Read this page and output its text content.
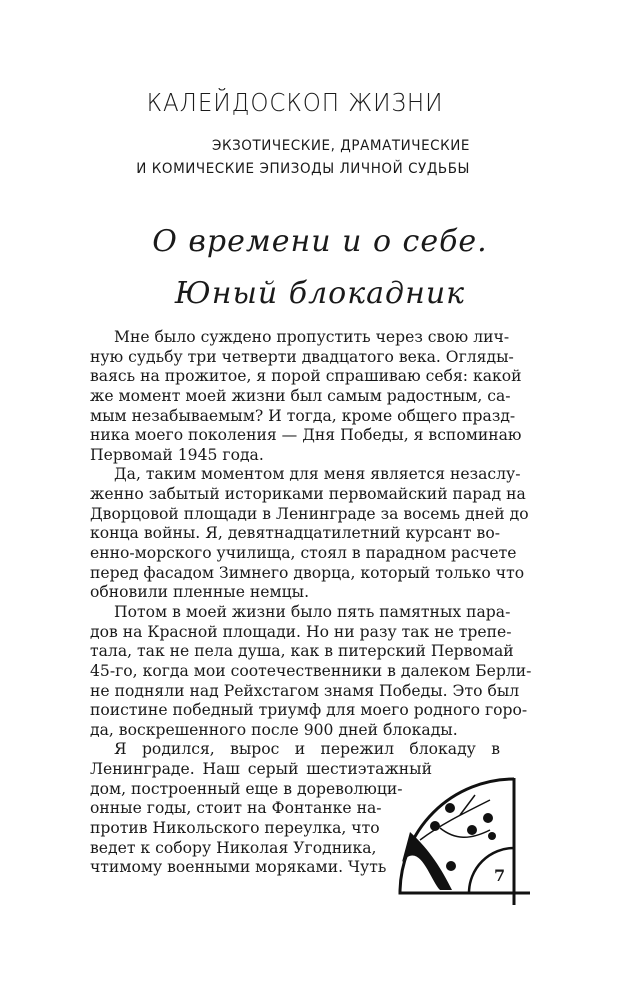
КАЛЕЙДОСКОП ЖИЗНИ
ЭКЗОТИЧЕСКИЕ, ДРАМАТИЧЕСКИЕ
И КОМИЧЕСКИЕ ЭПИЗОДЫ ЛИЧНОЙ СУДЬБЫ
О времени и о себе.
Юный блокадник
Мне было суждено пропустить через свою лич-
ную судьбу три четверти двадцатого века. Огляды-
ваясь на прожитое, я порой спрашиваю себя: какой
же момент моей жизни был самым радостным, са-
мым незабываемым? И тогда, кроме общего празд-
ника моего поколения — Дня Победы, я вспоминаю
Первомай 1945 года.
Да, таким моментом для меня является незаслу-
женно забытый историками первомайский парад на
Дворцовой площади в Ленинграде за восемь дней до
конца войны. Я, девятнадцатилетний курсант во-
енно-морского училища, стоял в парадном расчете
перед фасадом Зимнего дворца, который только что
обновили пленные немцы.
Потом в моей жизни было пять памятных пара-
дов на Красной площади. Но ни разу так не трепе-
тала, так не пела душа, как в питерский Первомай
45-го, когда мои соотечественники в далеком Берли-
не подняли над Рейхстагом знамя Победы. Это был
поистине победный триумф для моего родного горо-
да, воскрешенного после 900 дней блокады.
Я родился, вырос и пережил блокаду в
Ленинграде. Наш серый шестиэтажный
дом, построенный еще в дореволюци-
онные годы, стоит на Фонтанке на-
против Никольского переулка, что
ведет к собору Николая Угодника,
чтимому военными моряками. Чуть	7
